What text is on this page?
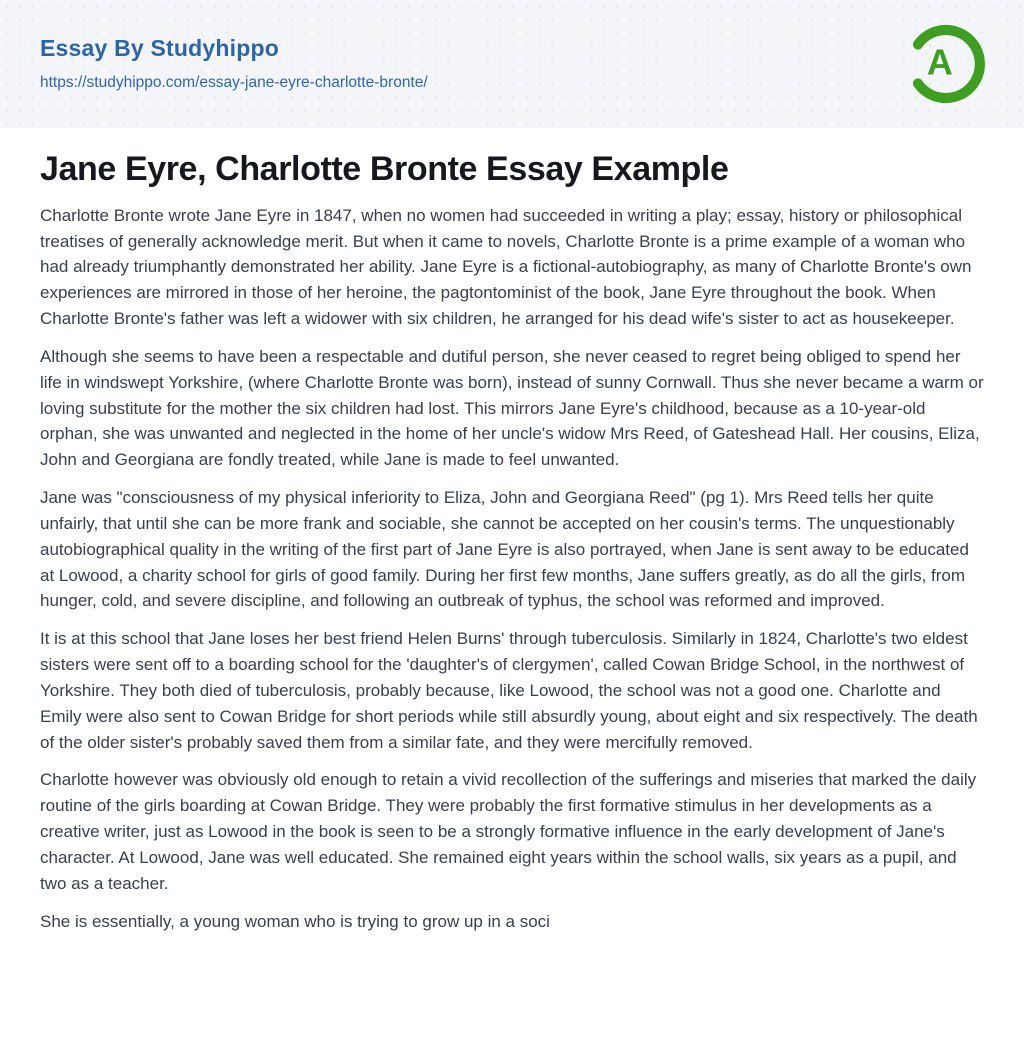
Essay By Studyhippo
https://studyhippo.com/essay-jane-eyre-charlotte-bronte/	A
Jane Eyre, Charlotte Bronte Essay Example

Charlotte Bronte wrote Jane Eyre in 1847, when no women had succeeded in writing a play; essay, history or philosophical treatises of generally acknowledge merit. But when it came to novels, Charlotte Bronte is a prime example of a woman who had already triumphantly demonstrated her ability. Jane Eyre is a fictional-autobiography, as many of Charlotte Bronte's own experiences are mirrored in those of her heroine, the pagtontominist of the book, Jane Eyre throughout the book. When Charlotte Bronte's father was left a widower with six children, he arranged for his dead wife's sister to act as housekeeper.

Although she seems to have been a respectable and dutiful person, she never ceased to regret being obliged to spend her life in windswept Yorkshire, (where Charlotte Bronte was born), instead of sunny Cornwall. Thus she never became a warm or loving substitute for the mother the six children had lost. This mirrors Jane Eyre's childhood, because as a 10-year-old orphan, she was unwanted and neglected in the home of her uncle's widow Mrs Reed, of Gateshead Hall. Her cousins, Eliza, John and Georgiana are fondly treated, while Jane is made to feel unwanted.

Jane was "consciousness of my physical inferiority to Eliza, John and Georgiana Reed" (pg 1). Mrs Reed tells her quite unfairly, that until she can be more frank and sociable, she cannot be accepted on her cousin's terms. The unquestionably autobiographical quality in the writing of the first part of Jane Eyre is also portrayed, when Jane is sent away to be educated at Lowood, a charity school for girls of good family. During her first few months, Jane suffers greatly, as do all the girls, from hunger, cold, and severe discipline, and following an outbreak of typhus, the school was reformed and improved.

It is at this school that Jane loses her best friend Helen Burns' through tuberculosis. Similarly in 1824, Charlotte's two eldest sisters were sent off to a boarding school for the 'daughter's of clergymen', called Cowan Bridge School, in the northwest of Yorkshire. They both died of tuberculosis, probably because, like Lowood, the school was not a good one. Charlotte and Emily were also sent to Cowan Bridge for short periods while still absurdly young, about eight and six respectively. The death of the older sister's probably saved them from a similar fate, and they were mercifully removed.

Charlotte however was obviously old enough to retain a vivid recollection of the sufferings and miseries that marked the daily routine of the girls boarding at Cowan Bridge. They were probably the first formative stimulus in her developments as a creative writer, just as Lowood in the book is seen to be a strongly formative influence in the early development of Jane's character. At Lowood, Jane was well educated. She remained eight years within the school walls, six years as a pupil, and two as a teacher.

She is essentially, a young woman who is trying to grow up in a soci
